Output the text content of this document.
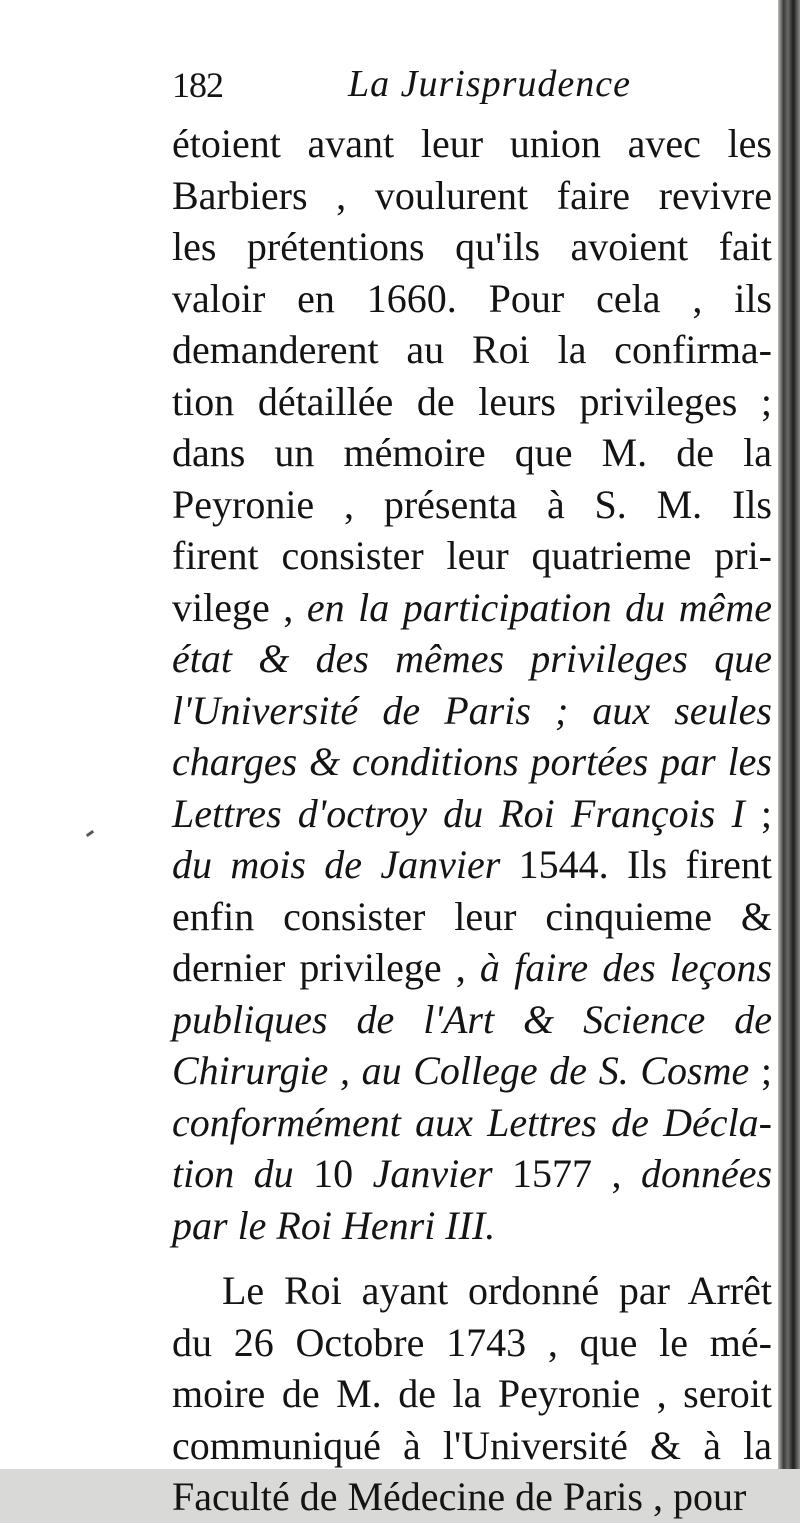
182	La Jurisprudence
étoient avant leur union avec les
Barbiers , voulurent faire revivre
les prétentions qu'ils avoient fait
valoir en 1660. Pour cela , ils
demanderent au Roi la confirma-
tion détaillée de leurs privileges ;
dans un mémoire que M. de la
Peyronie , présenta à S. M. Ils
firent consister leur quatrieme pri-
vilege , en la participation du même
état & des mêmes privileges que
l'Université de Paris ; aux seules
charges & conditions portées par les
Lettres d'octroy du Roi François I ;
du mois de Janvier 1544. Ils firent
enfin consister leur cinquieme &
dernier privilege , à faire des leçons
publiques de l'Art & Science de
Chirurgie , au College de S. Cosme ;
conformément aux Lettres de Décla-
tion du 10 Janvier 1577 , données
par le Roi Henri III.
Le Roi ayant ordonné par Arrêt
du 26 Octobre 1743 , que le mé-
moire de M. de la Peyronie , seroit
communiqué à l'Université & à la
Faculté de Médecine de Paris , pour
